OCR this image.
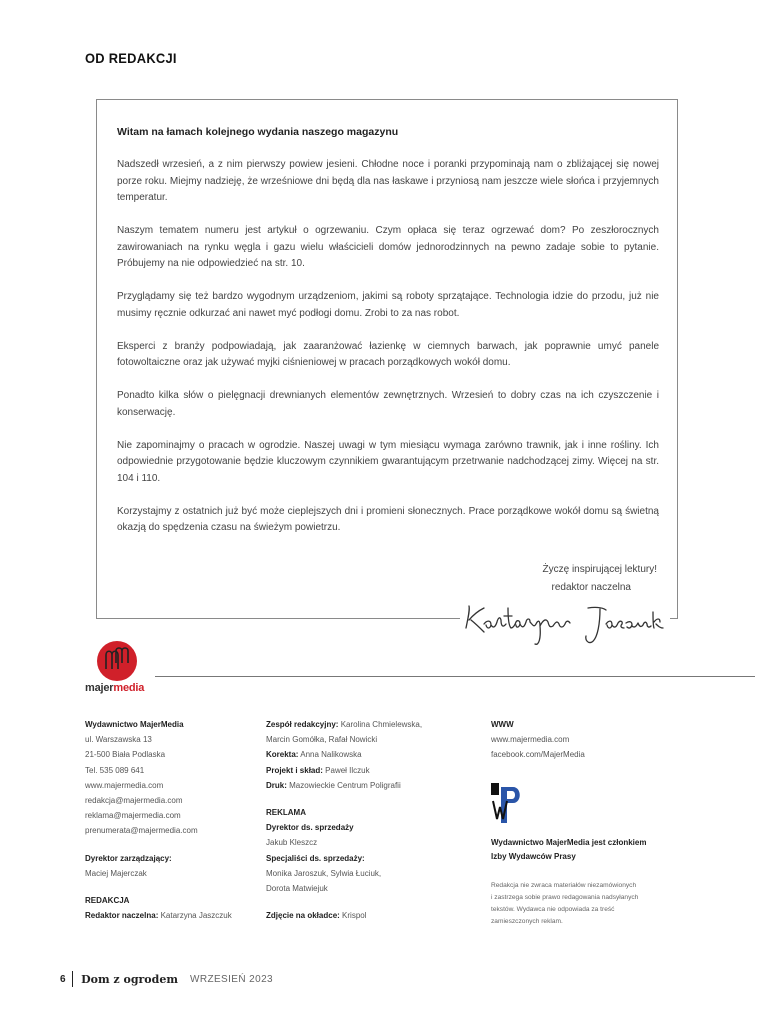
OD REDAKCJI

Witam na łamach kolejnego wydania naszego magazynu

Nadszedł wrzesień, a z nim pierwszy powiew jesieni. Chłodne noce i poranki przypominają nam o zbliżającej się nowej porze roku. Miejmy nadzieję, że wrześniowe dni będą dla nas łaskawe i przyniosą nam jeszcze wiele słońca i przyjemnych temperatur.

Naszym tematem numeru jest artykuł o ogrzewaniu. Czym opłaca się teraz ogrzewać dom? Po zeszłorocznych zawirowaniach na rynku węgla i gazu wielu właścicieli domów jednorodzinnych na pewno zadaje sobie to pytanie. Próbujemy na nie odpowiedzieć na str. 10.

Przyglądamy się też bardzo wygodnym urządzeniom, jakimi są roboty sprzątające. Technologia idzie do przodu, już nie musimy ręcznie odkurzać ani nawet myć podłogi domu. Zrobi to za nas robot.

Eksperci z branży podpowiadają, jak zaaranżować łazienkę w ciemnych barwach, jak poprawnie umyć panele fotowoltaiczne oraz jak używać myjki ciśnieniowej w pracach porządkowych wokół domu.

Ponadto kilka słów o pielęgnacji drewnianych elementów zewnętrznych. Wrzesień to dobry czas na ich czyszczenie i konserwację.

Nie zapominajmy o pracach w ogrodzie. Naszej uwagi w tym miesiącu wymaga zarówno trawnik, jak i inne rośliny. Ich odpowiednie przygotowanie będzie kluczowym czynnikiem gwarantującym przetrwanie nadchodzącej zimy. Więcej na str. 104 i 110.

Korzystajmy z ostatnich już być może cieplejszych dni i promieni słonecznych. Prace porządkowe wokół domu są świetną okazją do spędzenia czasu na świeżym powietrzu.

Życzę inspirującej lektury!
redaktor naczelna
majermedia
Wydawnictwo MajerMedia
ul. Warszawska 13
21-500 Biała Podlaska
Tel. 535 089 641
www.majermedia.com
redakcja@majermedia.com
reklama@majermedia.com
prenumerata@majermedia.com
Dyrektor zarządzający:
Maciej Majerczak
REDAKCJA
Redaktor naczelna: Katarzyna Jaszczuk
Zespół redakcyjny: Karolina Chmielewska,
Marcin Gomółka, Rafał Nowicki
Korekta: Anna Nalikowska
Projekt i skład: Paweł Ilczuk
Druk: Mazowieckie Centrum Poligrafii
REKLAMA
Dyrektor ds. sprzedaży
Jakub Kleszcz
Specjaliści ds. sprzedaży:
Monika Jaroszuk, Sylwia Łuciuk,
Dorota Matwiejuk
Zdjęcie na okładce: Krispol
WWW
www.majermedia.com
facebook.com/MajerMedia
Wydawnictwo MajerMedia jest członkiem
Izby Wydawców Prasy
Redakcja nie zwraca materiałów niezamówionych
i zastrzega sobie prawo redagowania nadsyłanych
tekstów. Wydawca nie odpowiada za treść
zamieszczonych reklam.
6 Dom z ogrodem WRZESIEŃ 2023
